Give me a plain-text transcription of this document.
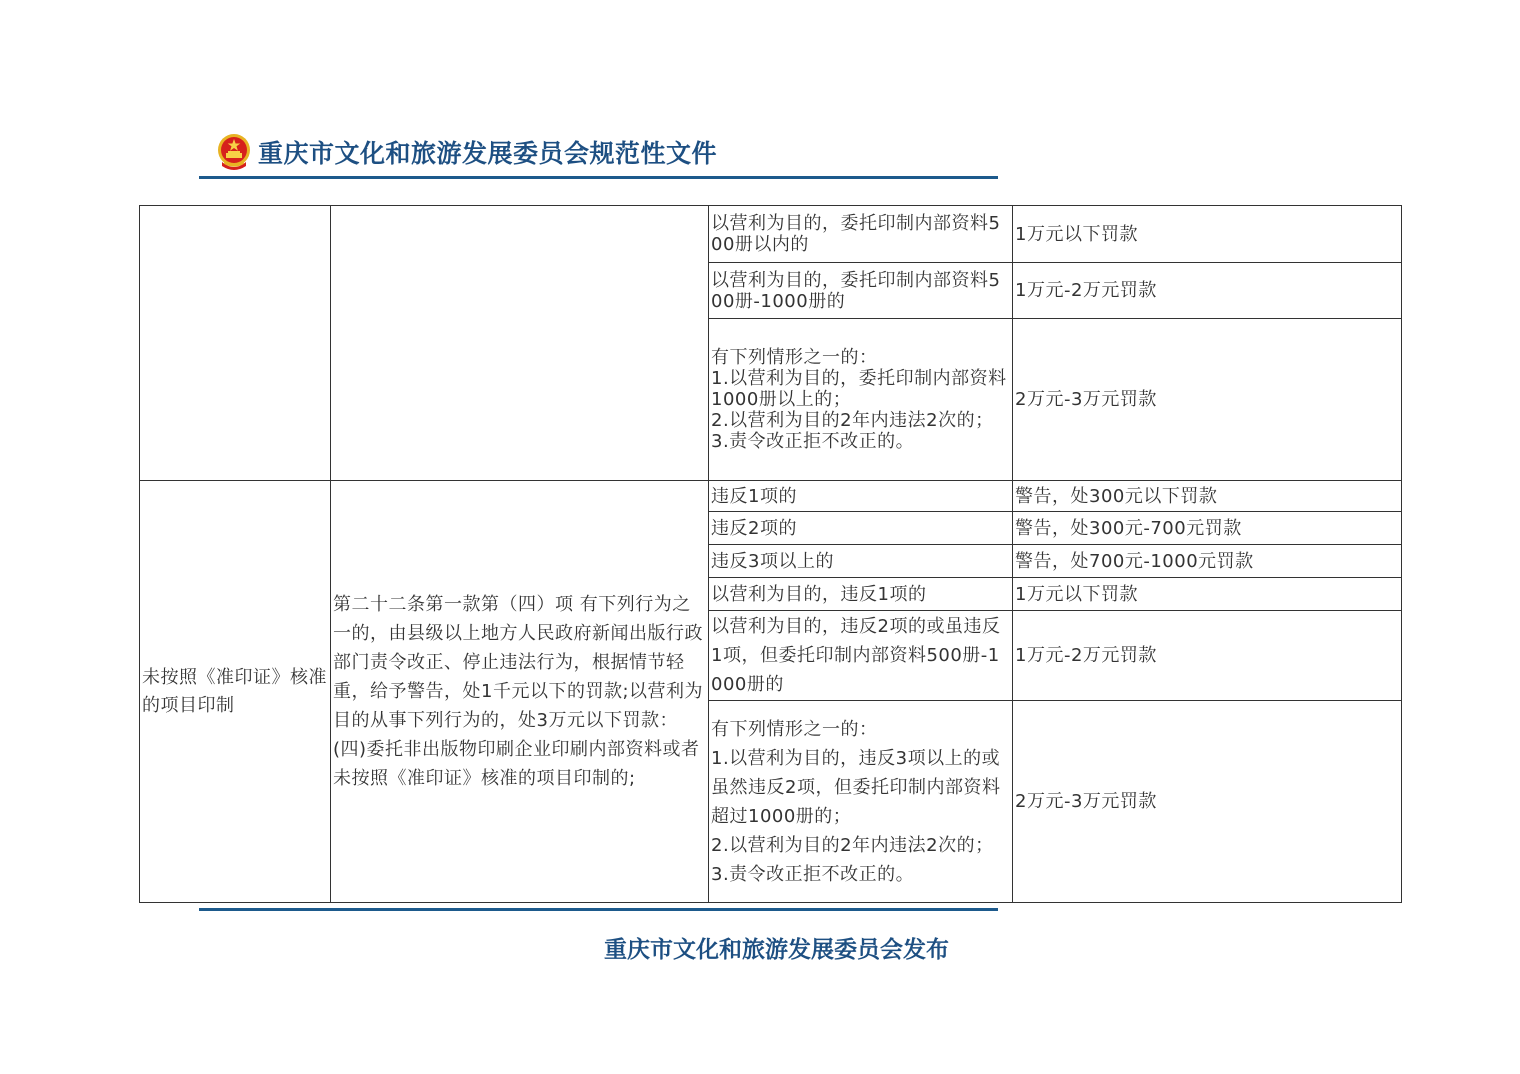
重庆市文化和旅游发展委员会规范性文件
		以营利为目的，委托印制内部资料500册以内的	1万元以下罚款
		以营利为目的，委托印制内部资料500册-1000册的	1万元-2万元罚款
		有下列情形之一的：
1.以营利为目的，委托印制内部资料1000册以上的；
2.以营利为目的2年内违法2次的；
3.责令改正拒不改正的。	2万元-3万元罚款
未按照《准印证》核准的项目印制	第二十二条第一款第（四）项 有下列行为之一的，由县级以上地方人民政府新闻出版行政部门责令改正、停止违法行为，根据情节轻重，给予警告，处1千元以下的罚款;以营利为目的从事下列行为的，处3万元以下罚款：(四)委托非出版物印刷企业印刷内部资料或者未按照《准印证》核准的项目印制的;	违反1项的	警告，处300元以下罚款
		违反2项的	警告，处300元-700元罚款
		违反3项以上的	警告，处700元-1000元罚款
		以营利为目的，违反1项的	1万元以下罚款
		以营利为目的，违反2项的或虽违反1项，但委托印制内部资料500册-1000册的	1万元-2万元罚款
		有下列情形之一的：
1.以营利为目的，违反3项以上的或虽然违反2项，但委托印制内部资料超过1000册的；
2.以营利为目的2年内违法2次的；
3.责令改正拒不改正的。	2万元-3万元罚款
重庆市文化和旅游发展委员会发布
